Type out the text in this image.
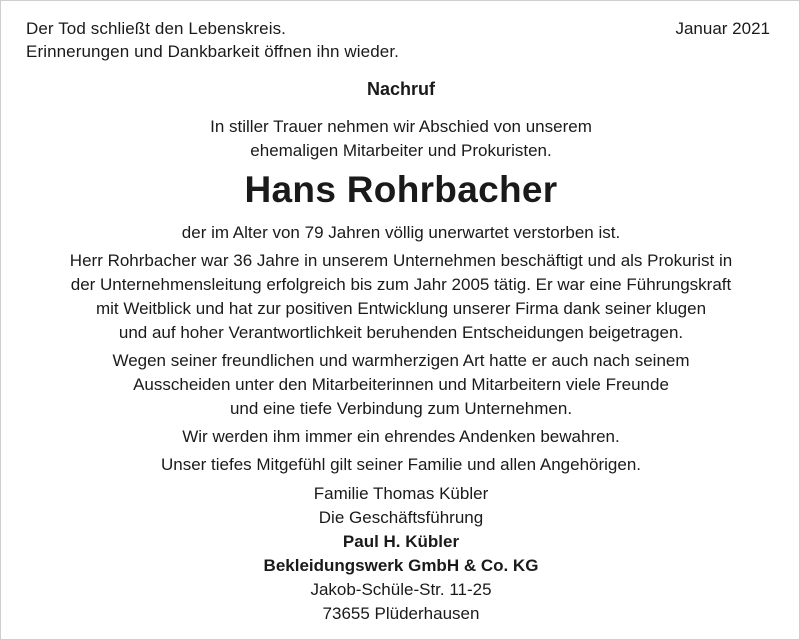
Der Tod schließt den Lebenskreis.
Erinnerungen und Dankbarkeit öffnen ihn wieder.
Januar 2021
Nachruf
In stiller Trauer nehmen wir Abschied von unserem
ehemaligen Mitarbeiter und Prokuristen.
Hans Rohrbacher

der im Alter von 79 Jahren völlig unerwartet verstorben ist.

Herr Rohrbacher war 36 Jahre in unserem Unternehmen beschäftigt und als Prokurist in
der Unternehmensleitung erfolgreich bis zum Jahr 2005 tätig. Er war eine Führungskraft
mit Weitblick und hat zur positiven Entwicklung unserer Firma dank seiner klugen
und auf hoher Verantwortlichkeit beruhenden Entscheidungen beigetragen.

Wegen seiner freundlichen und warmherzigen Art hatte er auch nach seinem
Ausscheiden unter den Mitarbeiterinnen und Mitarbeitern viele Freunde
und eine tiefe Verbindung zum Unternehmen.

Wir werden ihm immer ein ehrendes Andenken bewahren.

Unser tiefes Mitgefühl gilt seiner Familie und allen Angehörigen.

Familie Thomas Kübler
Die Geschäftsführung
Paul H. Kübler
Bekleidungswerk GmbH & Co. KG
Jakob-Schüle-Str. 11-25
73655 Plüderhausen
